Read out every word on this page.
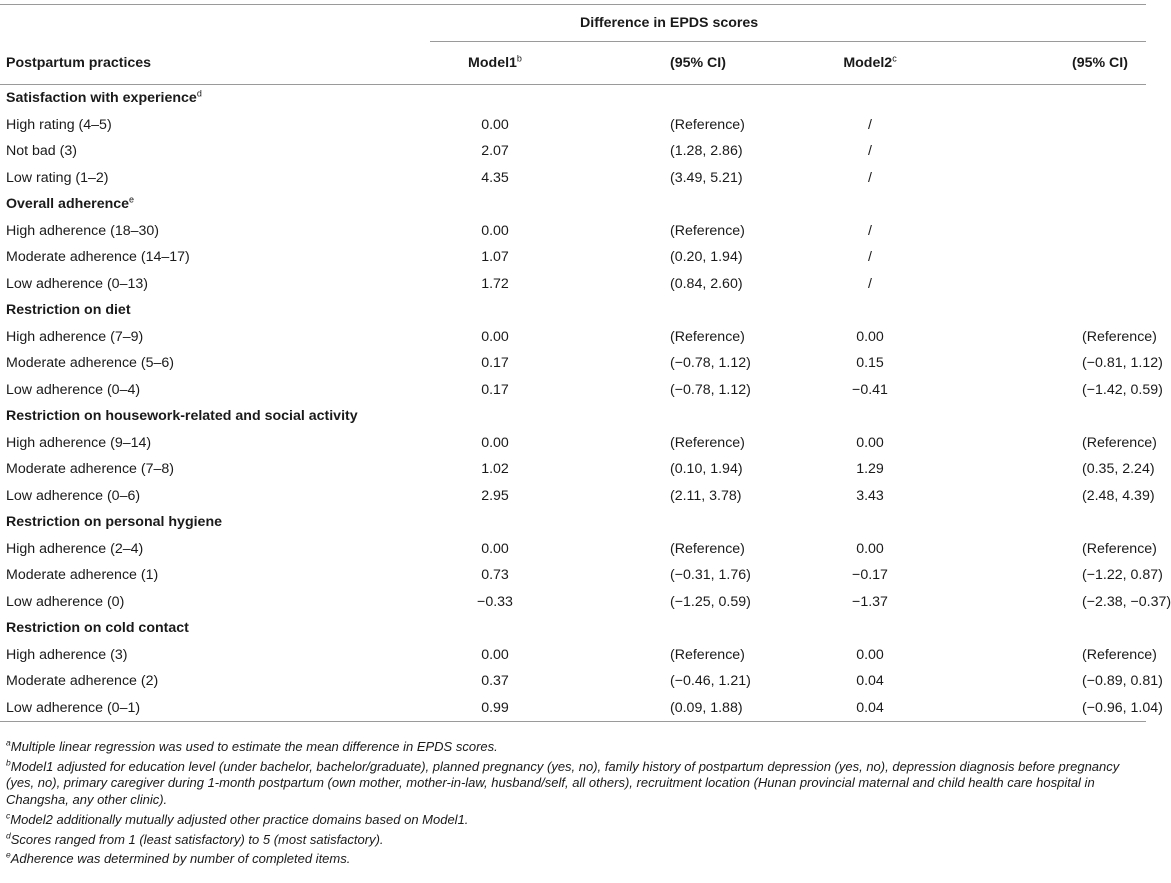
	Difference in EPDS scores			
Postpartum practices	Model1$^b$	(95% CI)	Model2$^c$	(95% CI)
Satisfaction with experience$^d$
High rating (4–5)	0.00	(Reference)	/	
Not bad (3)	2.07	(1.28, 2.86)	/	
Low rating (1–2)	4.35	(3.49, 5.21)	/	
Overall adherence$^e$
High adherence (18–30)	0.00	(Reference)	/	
Moderate adherence (14–17)	1.07	(0.20, 1.94)	/	
Low adherence (0–13)	1.72	(0.84, 2.60)	/	
Restriction on diet				
High adherence (7–9)	0.00	(Reference)	0.00	(Reference)
Moderate adherence (5–6)	0.17	(−0.78, 1.12)	0.15	(−0.81, 1.12)
Low adherence (0–4)	0.17	(−0.78, 1.12)	−0.41	(−1.42, 0.59)
Restriction on housework-related and social activity				
High adherence (9–14)	0.00	(Reference)	0.00	(Reference)
Moderate adherence (7–8)	1.02	(0.10, 1.94)	1.29	(0.35, 2.24)
Low adherence (0–6)	2.95	(2.11, 3.78)	3.43	(2.48, 4.39)
Restriction on personal hygiene				
High adherence (2–4)	0.00	(Reference)	0.00	(Reference)
Moderate adherence (1)	0.73	(−0.31, 1.76)	−0.17	(−1.22, 0.87)
Low adherence (0)	−0.33	(−1.25, 0.59)	−1.37	(−2.38, −0.37)
Restriction on cold contact				
High adherence (3)	0.00	(Reference)	0.00	(Reference)
Moderate adherence (2)	0.37	(−0.46, 1.21)	0.04	(−0.89, 0.81)
Low adherence (0–1)	0.99	(0.09, 1.88)	0.04	(−0.96, 1.04)

$^a$Multiple linear regression was used to estimate the mean difference in EPDS scores.

$^b$Model1 adjusted for education level (under bachelor, bachelor/graduate), planned pregnancy (yes, no), family history of postpartum depression (yes, no), depression diagnosis before pregnancy (yes, no), primary caregiver during 1-month postpartum (own mother, mother-in-law, husband/self, all others), recruitment location (Hunan provincial maternal and child health care hospital in Changsha, any other clinic).

$^c$Model2 additionally mutually adjusted other practice domains based on Model1.

$^d$Scores ranged from 1 (least satisfactory) to 5 (most satisfactory).

$^e$Adherence was determined by number of completed items.
